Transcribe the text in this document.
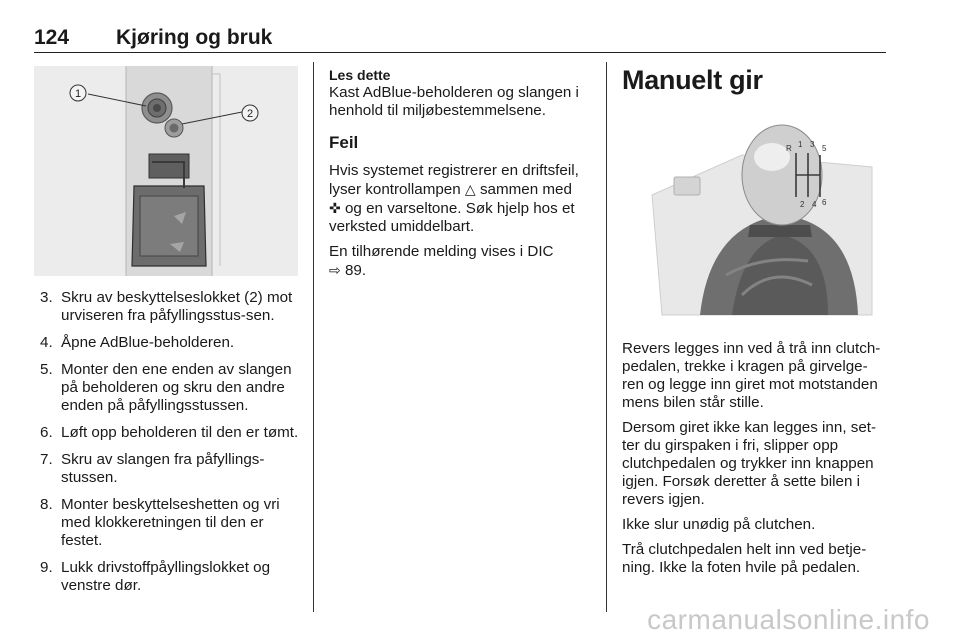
124 Kjøring og bruk
1
2
3. Skru av beskyttelseslokket (2) mot urviseren fra påfyllingsstus-sen.
4. Åpne AdBlue-beholderen.
5. Monter den ene enden av slangen på beholderen og skru den andre enden på påfyllingsstussen.
6. Løft opp beholderen til den er tømt.
7. Skru av slangen fra påfyllings-stussen.
8. Monter beskyttelseshetten og vri med klokkeretningen til den er festet.
9. Lukk drivstoffpåyllingslokket og venstre dør.
Les dette
Kast AdBlue-beholderen og slangen i henhold til miljøbestemmelsene.
Feil
Hvis systemet registrerer en driftsfeil, lyser kontrollampen △ sammen med ✜ og en varseltone. Søk hjelp hos et verksted umiddelbart.
En tilhørende melding vises i DIC
⇨ 89.
Manuelt gir
R 1 3 5
2 4 6
Revers legges inn ved å trå inn clutch-pedalen, trekke i kragen på girvelge-ren og legge inn giret mot motstanden mens bilen står stille.
Dersom giret ikke kan legges inn, set-ter du girspaken i fri, slipper opp clutchpedalen og trykker inn knappen igjen. Forsøk deretter å sette bilen i revers igjen.
Ikke slur unødig på clutchen.
Trå clutchpedalen helt inn ved betje-ning. Ikke la foten hvile på pedalen.
carmanualsonline.info
